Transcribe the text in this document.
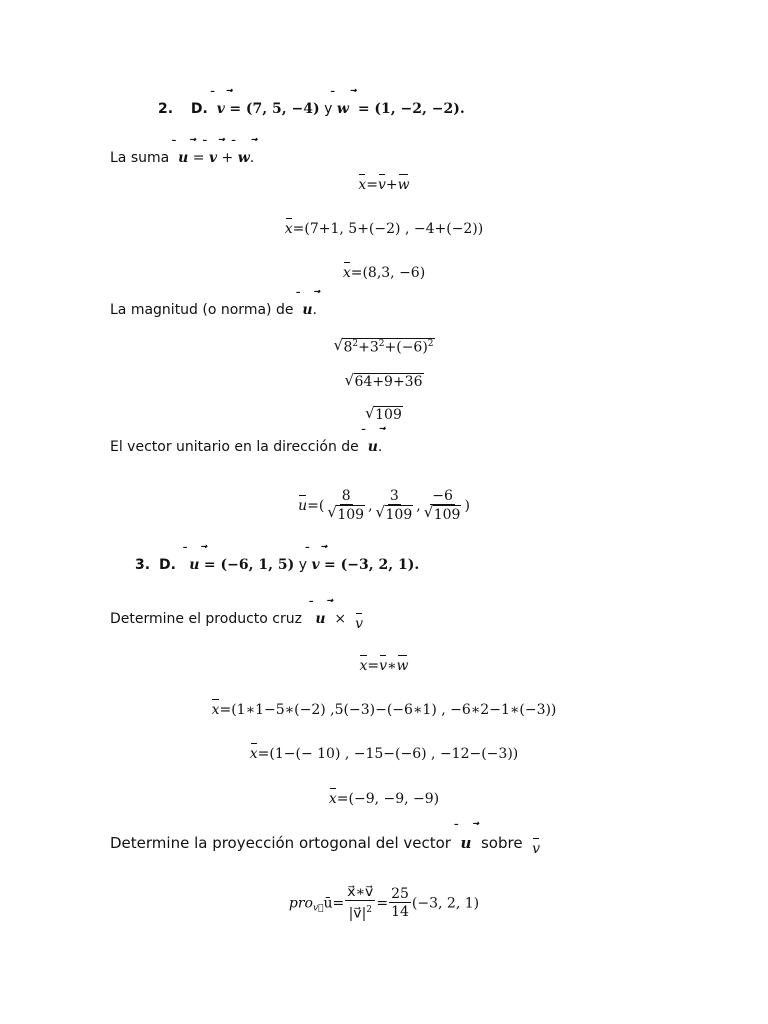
2. D. ¯ v ⃗ = (7, 5, −4) y ¯ w ⃗ = (1, −2, −2).
La suma ¯ u ⃗ = ¯ v ⃗ + ¯ w ⃗.
x=v+w
x=(7+1, 5+(−2) , −4+(−2))
x=(8,3, −6)
La magnitud (o norma) de ¯ u ⃗.
√ $8^2+3^2+(-6)^2$
√ 64+9+36
√ 109
El vector unitario en la dirección de ¯ u ⃗.
$u=( \frac{8}{√ 109}$ , $\frac{3}{√ 109}$ , $\frac{-6}{√ 109}$ )
3. D. ¯ u ⃗ = (−6, 1, 5) y ¯ v ⃗ = (−3, 2, 1).
Determine el producto cruz ¯ u ⃗ × v
x=v∗w
x=(1∗1−5∗(−2) ,5(−3)−(−6∗1) , −6∗2−1∗(−3))
x=(1−(− 10) , −15−(−6) , −12−(−3))
x=(−9, −9, −9)
Determine la proyección ortogonal del vector ¯ u ⃗ sobre v
pro$_{v⃗}$ū= $\frac{x⃗∗v⃗}{|v⃗|^2} = \frac{25}{14} (-3$, 2, 1)
